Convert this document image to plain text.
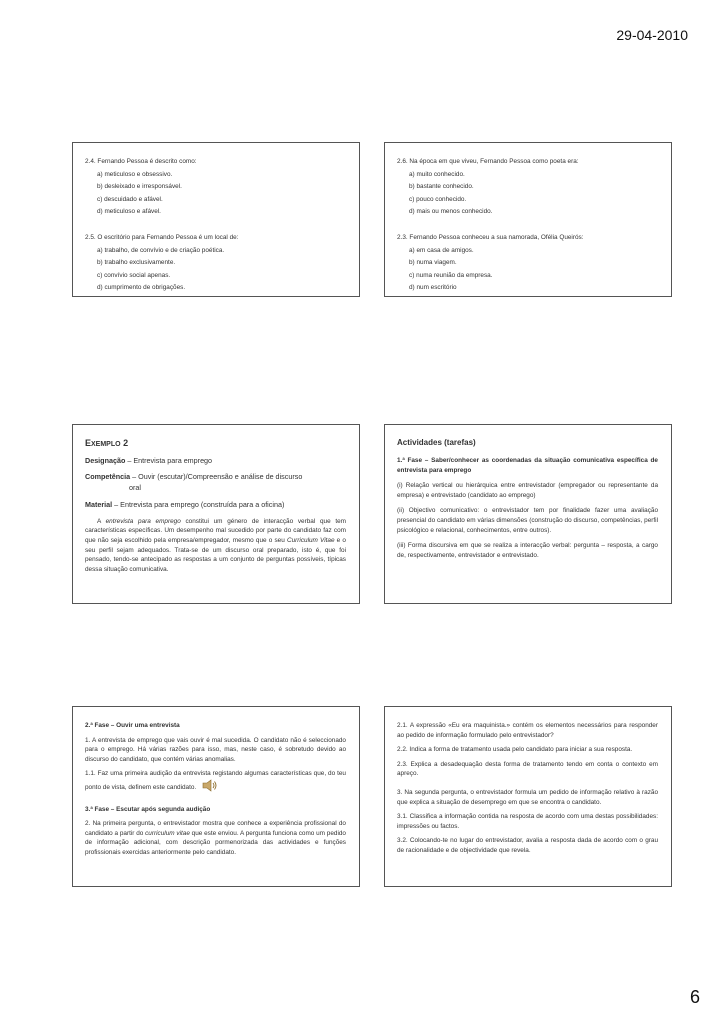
29-04-2010
2.4. Fernando Pessoa é descrito como:
a) meticuloso e obsessivo.
b) desleixado e irresponsável.
c) descuidado e afável.
d) meticuloso e afável.
2.5. O escritório para Fernando Pessoa é um local de:
a) trabalho, de convívio e de criação poética.
b) trabalho exclusivamente.
c) convívio social apenas.
d) cumprimento de obrigações.
2.6. Na época em que viveu, Fernando Pessoa como poeta era:
a) muito conhecido.
b) bastante conhecido.
c) pouco conhecido.
d) mais ou menos conhecido.
2.3. Fernando Pessoa conheceu a sua namorada, Ofélia Queirós:
a) em casa de amigos.
b) numa viagem.
c) numa reunião da empresa.
d) num escritório
EXEMPLO 2
Designação – Entrevista para emprego
Competência – Ouvir (escutar)/Compreensão e análise de discurso
oral
Material – Entrevista para emprego (construída para a oficina)
A entrevista para emprego constitui um género de interacção verbal que tem características específicas. Um desempenho mal sucedido por parte do candidato faz com que não seja escolhido pela empresa/empregador, mesmo que o seu Curriculum Vitae e o seu perfil sejam adequados. Trata-se de um discurso oral preparado, isto é, que foi pensado, tendo-se antecipado as respostas a um conjunto de perguntas possíveis, típicas dessa situação comunicativa.
Actividades (tarefas)

1.ª Fase – Saber/conhecer as coordenadas da situação comunicativa específica de entrevista para emprego

(i) Relação vertical ou hierárquica entre entrevistador (empregador ou representante da empresa) e entrevistado (candidato ao emprego)

(ii) Objectivo comunicativo: o entrevistador tem por finalidade fazer uma avaliação presencial do candidato em várias dimensões (construção do discurso, competências, perfil psicológico e relacional, conhecimentos, entre outros).

(iii) Forma discursiva em que se realiza a interacção verbal: pergunta – resposta, a cargo de, respectivamente, entrevistador e entrevistado.

2.ª Fase – Ouvir uma entrevista

1. A entrevista de emprego que vais ouvir é mal sucedida. O candidato não é seleccionado para o emprego. Há várias razões para isso, mas, neste caso, é sobretudo devido ao discurso do candidato, que contém várias anomalias.

1.1. Faz uma primeira audição da entrevista registando algumas características que, do teu ponto de vista, definem este candidato.

3.ª Fase – Escutar após segunda audição

2. Na primeira pergunta, o entrevistador mostra que conhece a experiência profissional do candidato a partir do curriculum vitae que este enviou. A pergunta funciona como um pedido de informação adicional, com descrição pormenorizada das actividades e funções profissionais exercidas anteriormente pelo candidato.

2.1. A expressão «Eu era maquinista.» contém os elementos necessários para responder ao pedido de informação formulado pelo entrevistador?

2.2. Indica a forma de tratamento usada pelo candidato para iniciar a sua resposta.

2.3. Explica a desadequação desta forma de tratamento tendo em conta o contexto em apreço.

3. Na segunda pergunta, o entrevistador formula um pedido de informação relativo à razão que explica a situação de desemprego em que se encontra o candidato.

3.1. Classifica a informação contida na resposta de acordo com uma destas possibilidades: impressões ou factos.

3.2. Colocando-te no lugar do entrevistador, avalia a resposta dada de acordo com o grau de racionalidade e de objectividade que revela.

6
